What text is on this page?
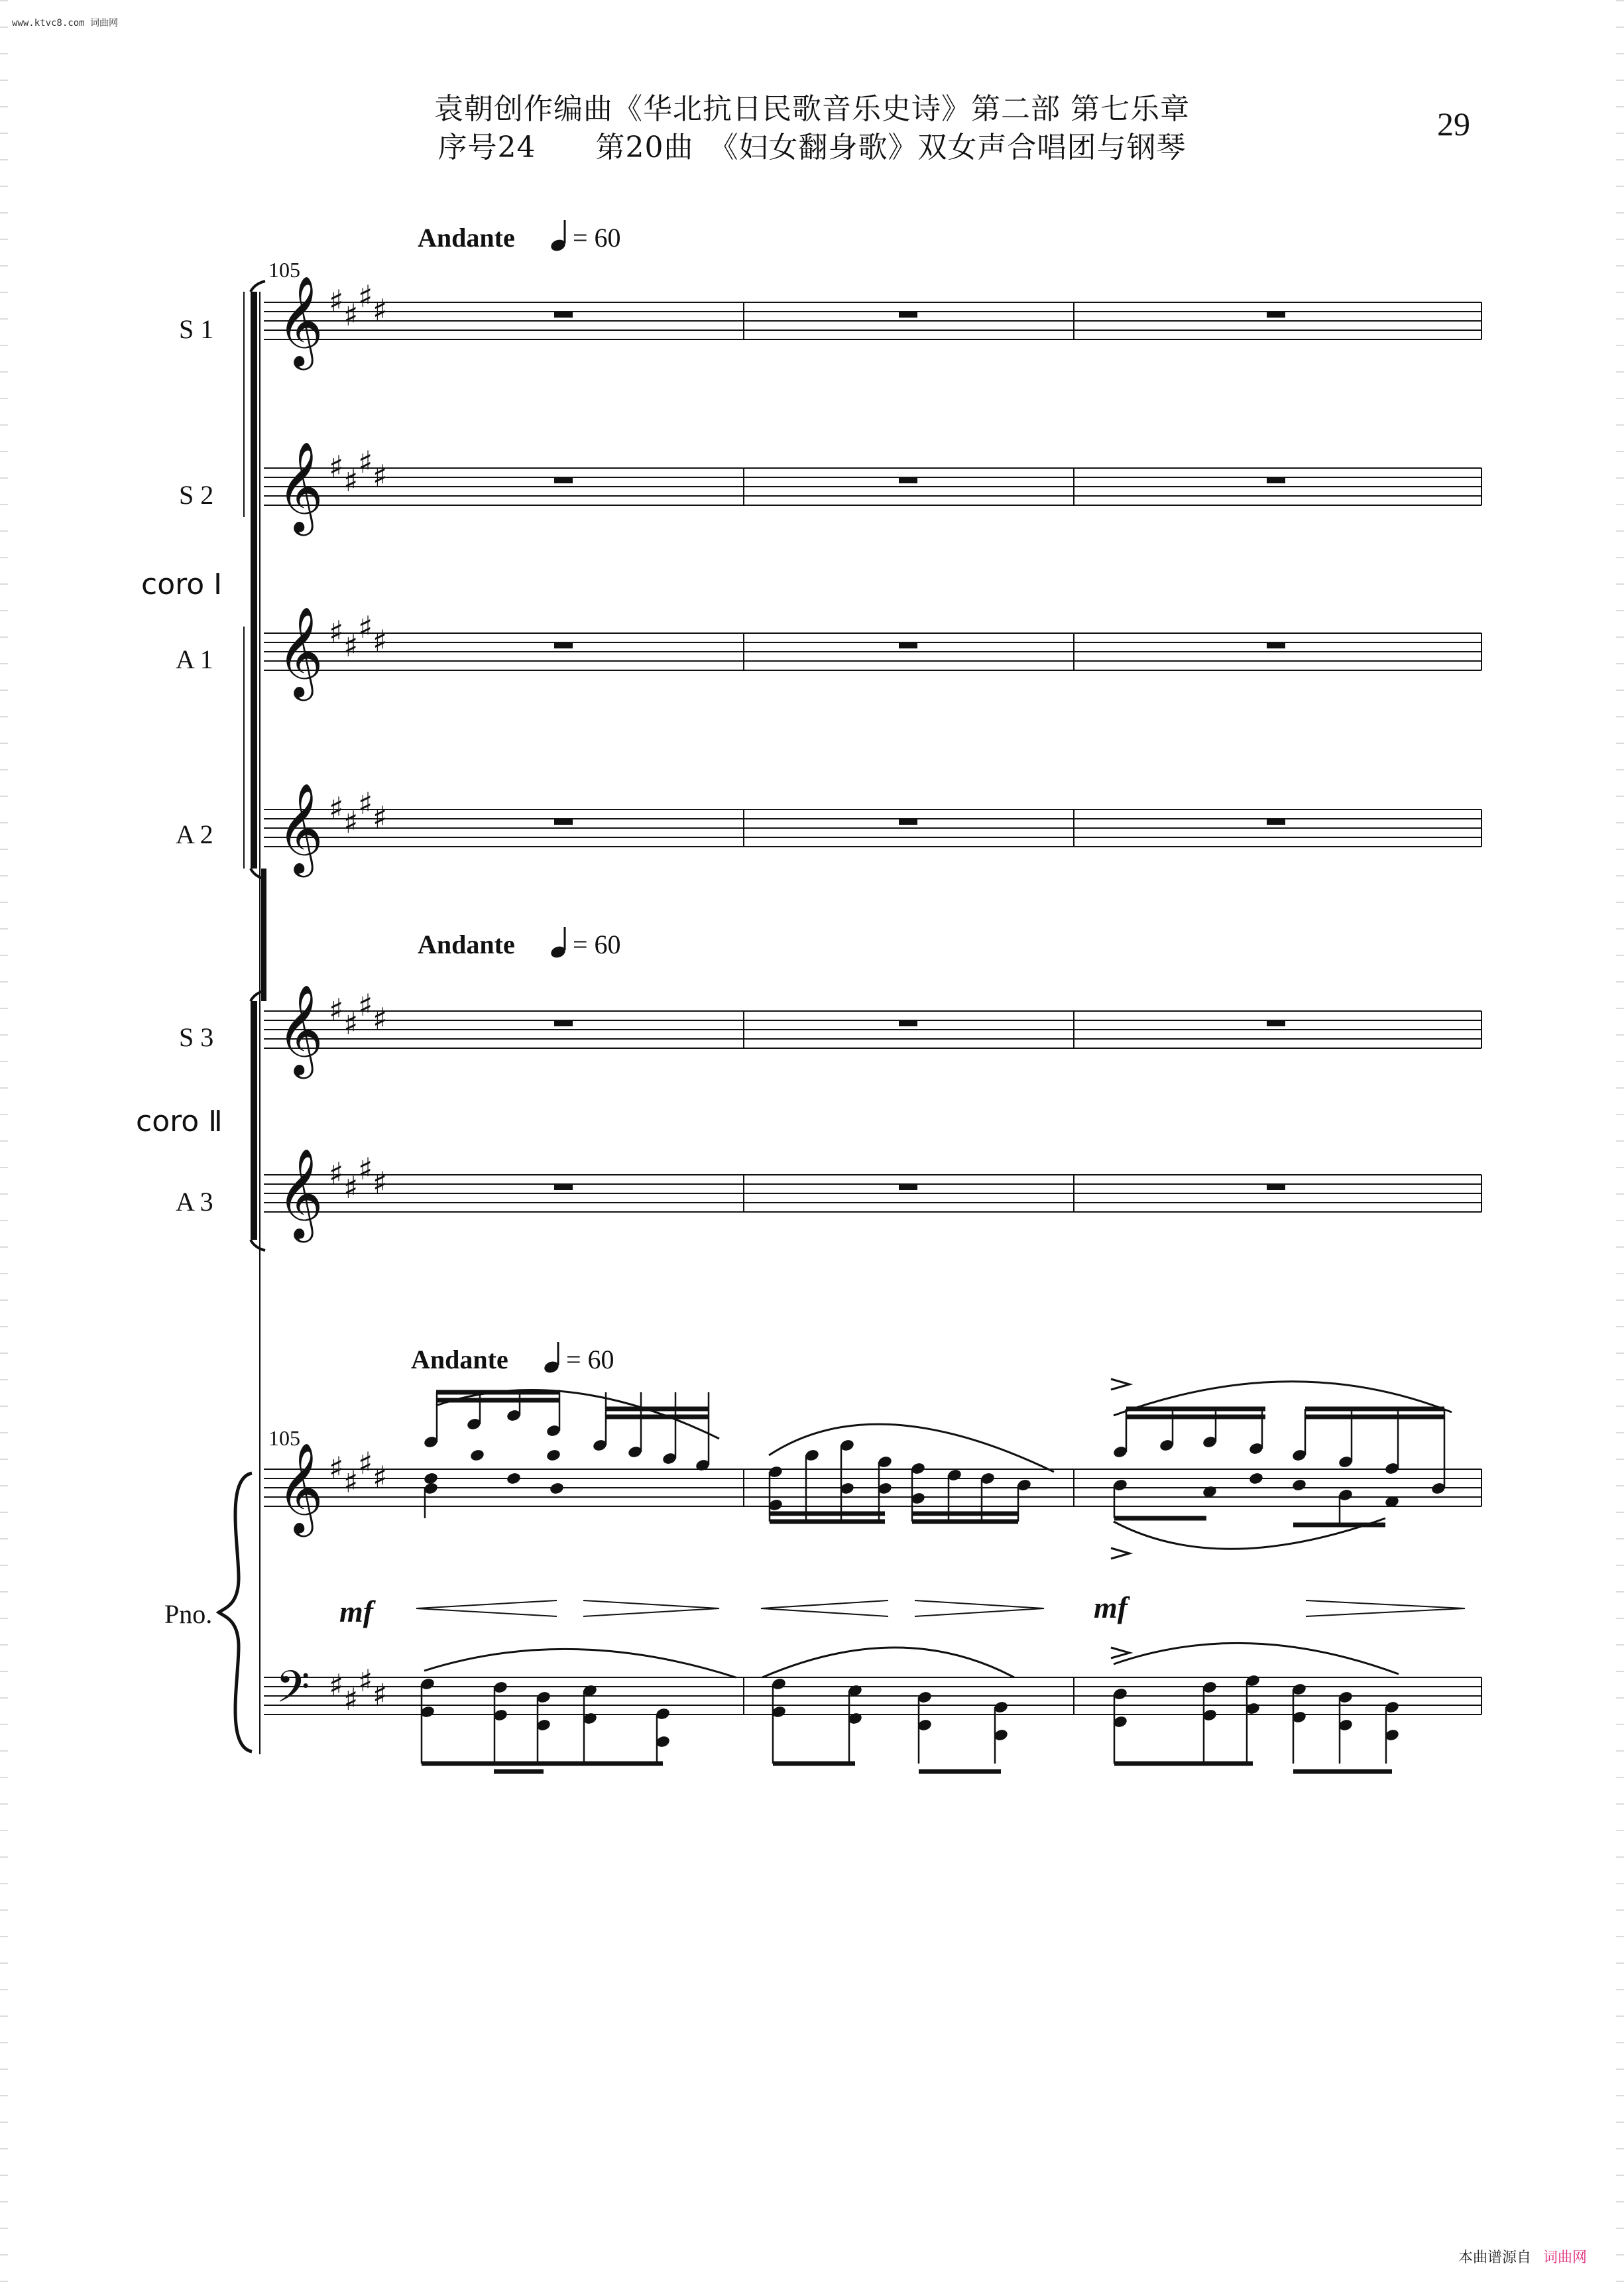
www.ktvc8.com 词曲网
袁朝创作编曲《华北抗日民歌音乐史诗》第二部 第七乐章
序号24　　第20曲　《妇女翻身歌》双女声合唱团与钢琴
29
𝄞 ♯ ♯
♯ ♯
𝄞 ♯ ♯
♯ ♯
𝄞 ♯ ♯
♯ ♯
𝄞 ♯ ♯
♯ ♯
𝄞 ♯ ♯
♯ ♯
𝄞 ♯ ♯
♯ ♯
𝄞 ♯ ♯
♯ ♯
𝄢 ♯ ♯
♯ ♯
Andante = 60
Andante = 60
Andante = 60
105
105
S 1
S 2
A 1
A 2
S 3
A 3
coro Ⅰ
coro Ⅱ
Pno.	mf	mf
本曲谱源自 词曲网
